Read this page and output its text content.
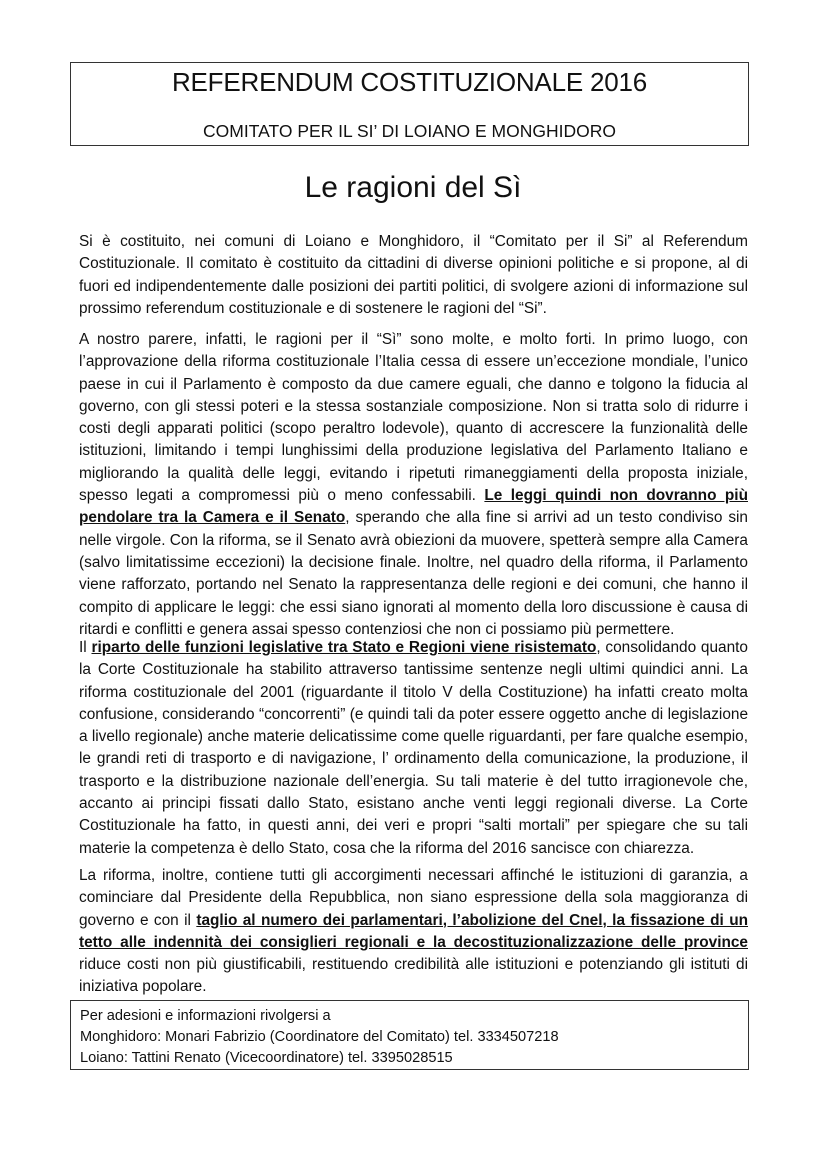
REFERENDUM COSTITUZIONALE 2016
COMITATO PER IL SI’ DI LOIANO E MONGHIDORO
Le ragioni del Sì

Si è costituito, nei comuni di Loiano e Monghidoro, il “Comitato per il Si” al Referendum Costituzionale. Il comitato è costituito da cittadini di diverse opinioni politiche e si propone, al di fuori ed indipendentemente dalle posizioni dei partiti politici, di svolgere azioni di informazione sul prossimo referendum costituzionale e di sostenere le ragioni del “Si”.

A nostro parere, infatti, le ragioni per il “Sì” sono molte, e molto forti. In primo luogo, con l’approvazione della riforma costituzionale l’Italia cessa di essere un’eccezione mondiale, l’unico paese in cui il Parlamento è composto da due camere eguali, che danno e tolgono la fiducia al governo, con gli stessi poteri e la stessa sostanziale composizione. Non si tratta solo di ridurre i costi degli apparati politici (scopo peraltro lodevole), quanto di accrescere la funzionalità delle istituzioni, limitando i tempi lunghissimi della produzione legislativa del Parlamento Italiano e migliorando la qualità delle leggi, evitando i ripetuti rimaneggiamenti della proposta iniziale, spesso legati a compromessi più o meno confessabili. Le leggi quindi non dovranno più pendolare tra la Camera e il Senato, sperando che alla fine si arrivi ad un testo condiviso sin nelle virgole. Con la riforma, se il Senato avrà obiezioni da muovere, spetterà sempre alla Camera (salvo limitatissime eccezioni) la decisione finale. Inoltre, nel quadro della riforma, il Parlamento viene rafforzato, portando nel Senato la rappresentanza delle regioni e dei comuni, che hanno il compito di applicare le leggi: che essi siano ignorati al momento della loro discussione è causa di ritardi e conflitti e genera assai spesso contenziosi che non ci possiamo più permettere.

Il riparto delle funzioni legislative tra Stato e Regioni viene risistemato, consolidando quanto la Corte Costituzionale ha stabilito attraverso tantissime sentenze negli ultimi quindici anni. La riforma costituzionale del 2001 (riguardante il titolo V della Costituzione) ha infatti creato molta confusione, considerando “concorrenti” (e quindi tali da poter essere oggetto anche di legislazione a livello regionale) anche materie delicatissime come quelle riguardanti, per fare qualche esempio, le grandi reti di trasporto e di navigazione, l’ ordinamento della comunicazione, la produzione, il trasporto e la distribuzione nazionale dell’energia. Su tali materie è del tutto irragionevole che, accanto ai principi fissati dallo Stato, esistano anche venti leggi regionali diverse. La Corte Costituzionale ha fatto, in questi anni, dei veri e propri “salti mortali” per spiegare che su tali materie la competenza è dello Stato, cosa che la riforma del 2016 sancisce con chiarezza.

La riforma, inoltre, contiene tutti gli accorgimenti necessari affinché le istituzioni di garanzia, a cominciare dal Presidente della Repubblica, non siano espressione della sola maggioranza di governo e con il taglio al numero dei parlamentari, l’abolizione del Cnel, la fissazione di un tetto alle indennità dei consiglieri regionali e la decostituzionalizzazione delle province riduce costi non più giustificabili, restituendo credibilità alle istituzioni e potenziando gli istituti di iniziativa popolare.

Per adesioni e informazioni rivolgersi a
Monghidoro: Monari Fabrizio (Coordinatore del Comitato) tel. 3334507218
Loiano: Tattini Renato (Vicecoordinatore) tel. 3395028515
